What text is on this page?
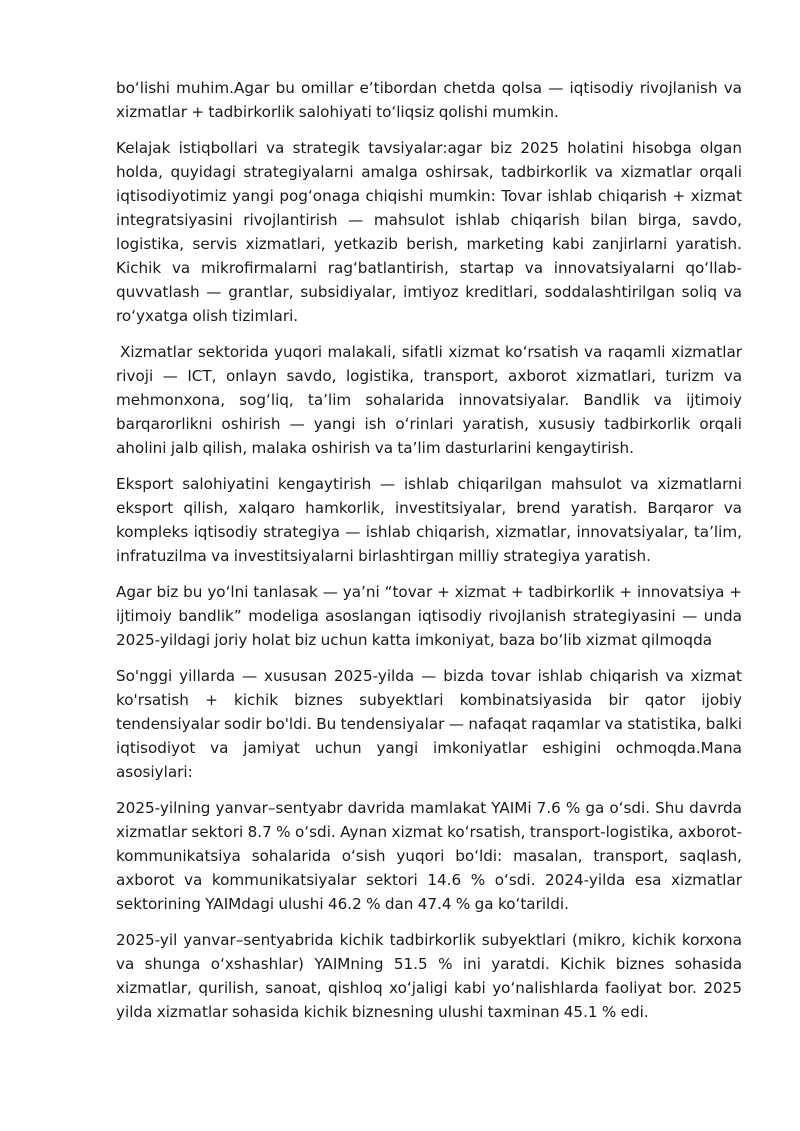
boʻlishi muhim.Agar bu omillar eʼtibordan chetda qolsa — iqtisodiy rivojlanish va xizmatlar + tadbirkorlik salohiyati toʻliqsiz qolishi mumkin.

Kelajak istiqbollari va strategik tavsiyalar:agar biz 2025 holatini hisobga olgan holda, quyidagi strategiyalarni amalga oshirsak, tadbirkorlik va xizmatlar orqali iqtisodiyotimiz yangi pogʻonaga chiqishi mumkin: Tovar ishlab chiqarish + xizmat integratsiyasini rivojlantirish — mahsulot ishlab chiqarish bilan birga, savdo, logistika, servis xizmatlari, yetkazib berish, marketing kabi zanjirlarni yaratish. Kichik va mikrofirmalarni ragʻbatlantirish, startap va innovatsiyalarni qoʻllab-quvvatlash — grantlar, subsidiyalar, imtiyoz kreditlari, soddalashtirilgan soliq va roʻyxatga olish tizimlari.

Xizmatlar sektorida yuqori malakali, sifatli xizmat koʻrsatish va raqamli xizmatlar rivoji — ICT, onlayn savdo, logistika, transport, axborot xizmatlari, turizm va mehmonxona, sogʻliq, taʼlim sohalarida innovatsiyalar. Bandlik va ijtimoiy barqarorlikni oshirish — yangi ish oʻrinlari yaratish, xususiy tadbirkorlik orqali aholini jalb qilish, malaka oshirish va taʼlim dasturlarini kengaytirish.

Eksport salohiyatini kengaytirish — ishlab chiqarilgan mahsulot va xizmatlarni eksport qilish, xalqaro hamkorlik, investitsiyalar, brend yaratish. Barqaror va kompleks iqtisodiy strategiya — ishlab chiqarish, xizmatlar, innovatsiyalar, taʼlim, infratuzilma va investitsiyalarni birlashtirgan milliy strategiya yaratish.

Agar biz bu yoʻlni tanlasak — yaʼni “tovar + xizmat + tadbirkorlik + innovatsiya + ijtimoiy bandlik” modeliga asoslangan iqtisodiy rivojlanish strategiyasini — unda 2025-yildagi joriy holat biz uchun katta imkoniyat, baza boʻlib xizmat qilmoqda

So'nggi yillarda — xususan 2025-yilda — bizda tovar ishlab chiqarish va xizmat ko'rsatish + kichik biznes subyektlari kombinatsiyasida bir qator ijobiy tendensiyalar sodir bo'ldi. Bu tendensiyalar — nafaqat raqamlar va statistika, balki iqtisodiyot va jamiyat uchun yangi imkoniyatlar eshigini ochmoqda.Mana asosiylari:

2025-yilning yanvar–sentyabr davrida mamlakat YAIMi 7.6 % ga oʻsdi. Shu davrda xizmatlar sektori 8.7 % oʻsdi. Aynan xizmat koʻrsatish, transport-logistika, axborot-kommunikatsiya sohalarida oʻsish yuqori boʻldi: masalan, transport, saqlash, axborot va kommunikatsiyalar sektori 14.6 % oʻsdi. 2024-yilda esa xizmatlar sektorining YAIMdagi ulushi 46.2 % dan 47.4 % ga koʻtarildi.

2025-yil yanvar–sentyabrida kichik tadbirkorlik subyektlari (mikro, kichik korxona va shunga oʻxshashlar) YAIMning 51.5 % ini yaratdi. Kichik biznes sohasida xizmatlar, qurilish, sanoat, qishloq xoʻjaligi kabi yoʻnalishlarda faoliyat bor. 2025 yilda xizmatlar sohasida kichik biznesning ulushi taxminan 45.1 % edi.
